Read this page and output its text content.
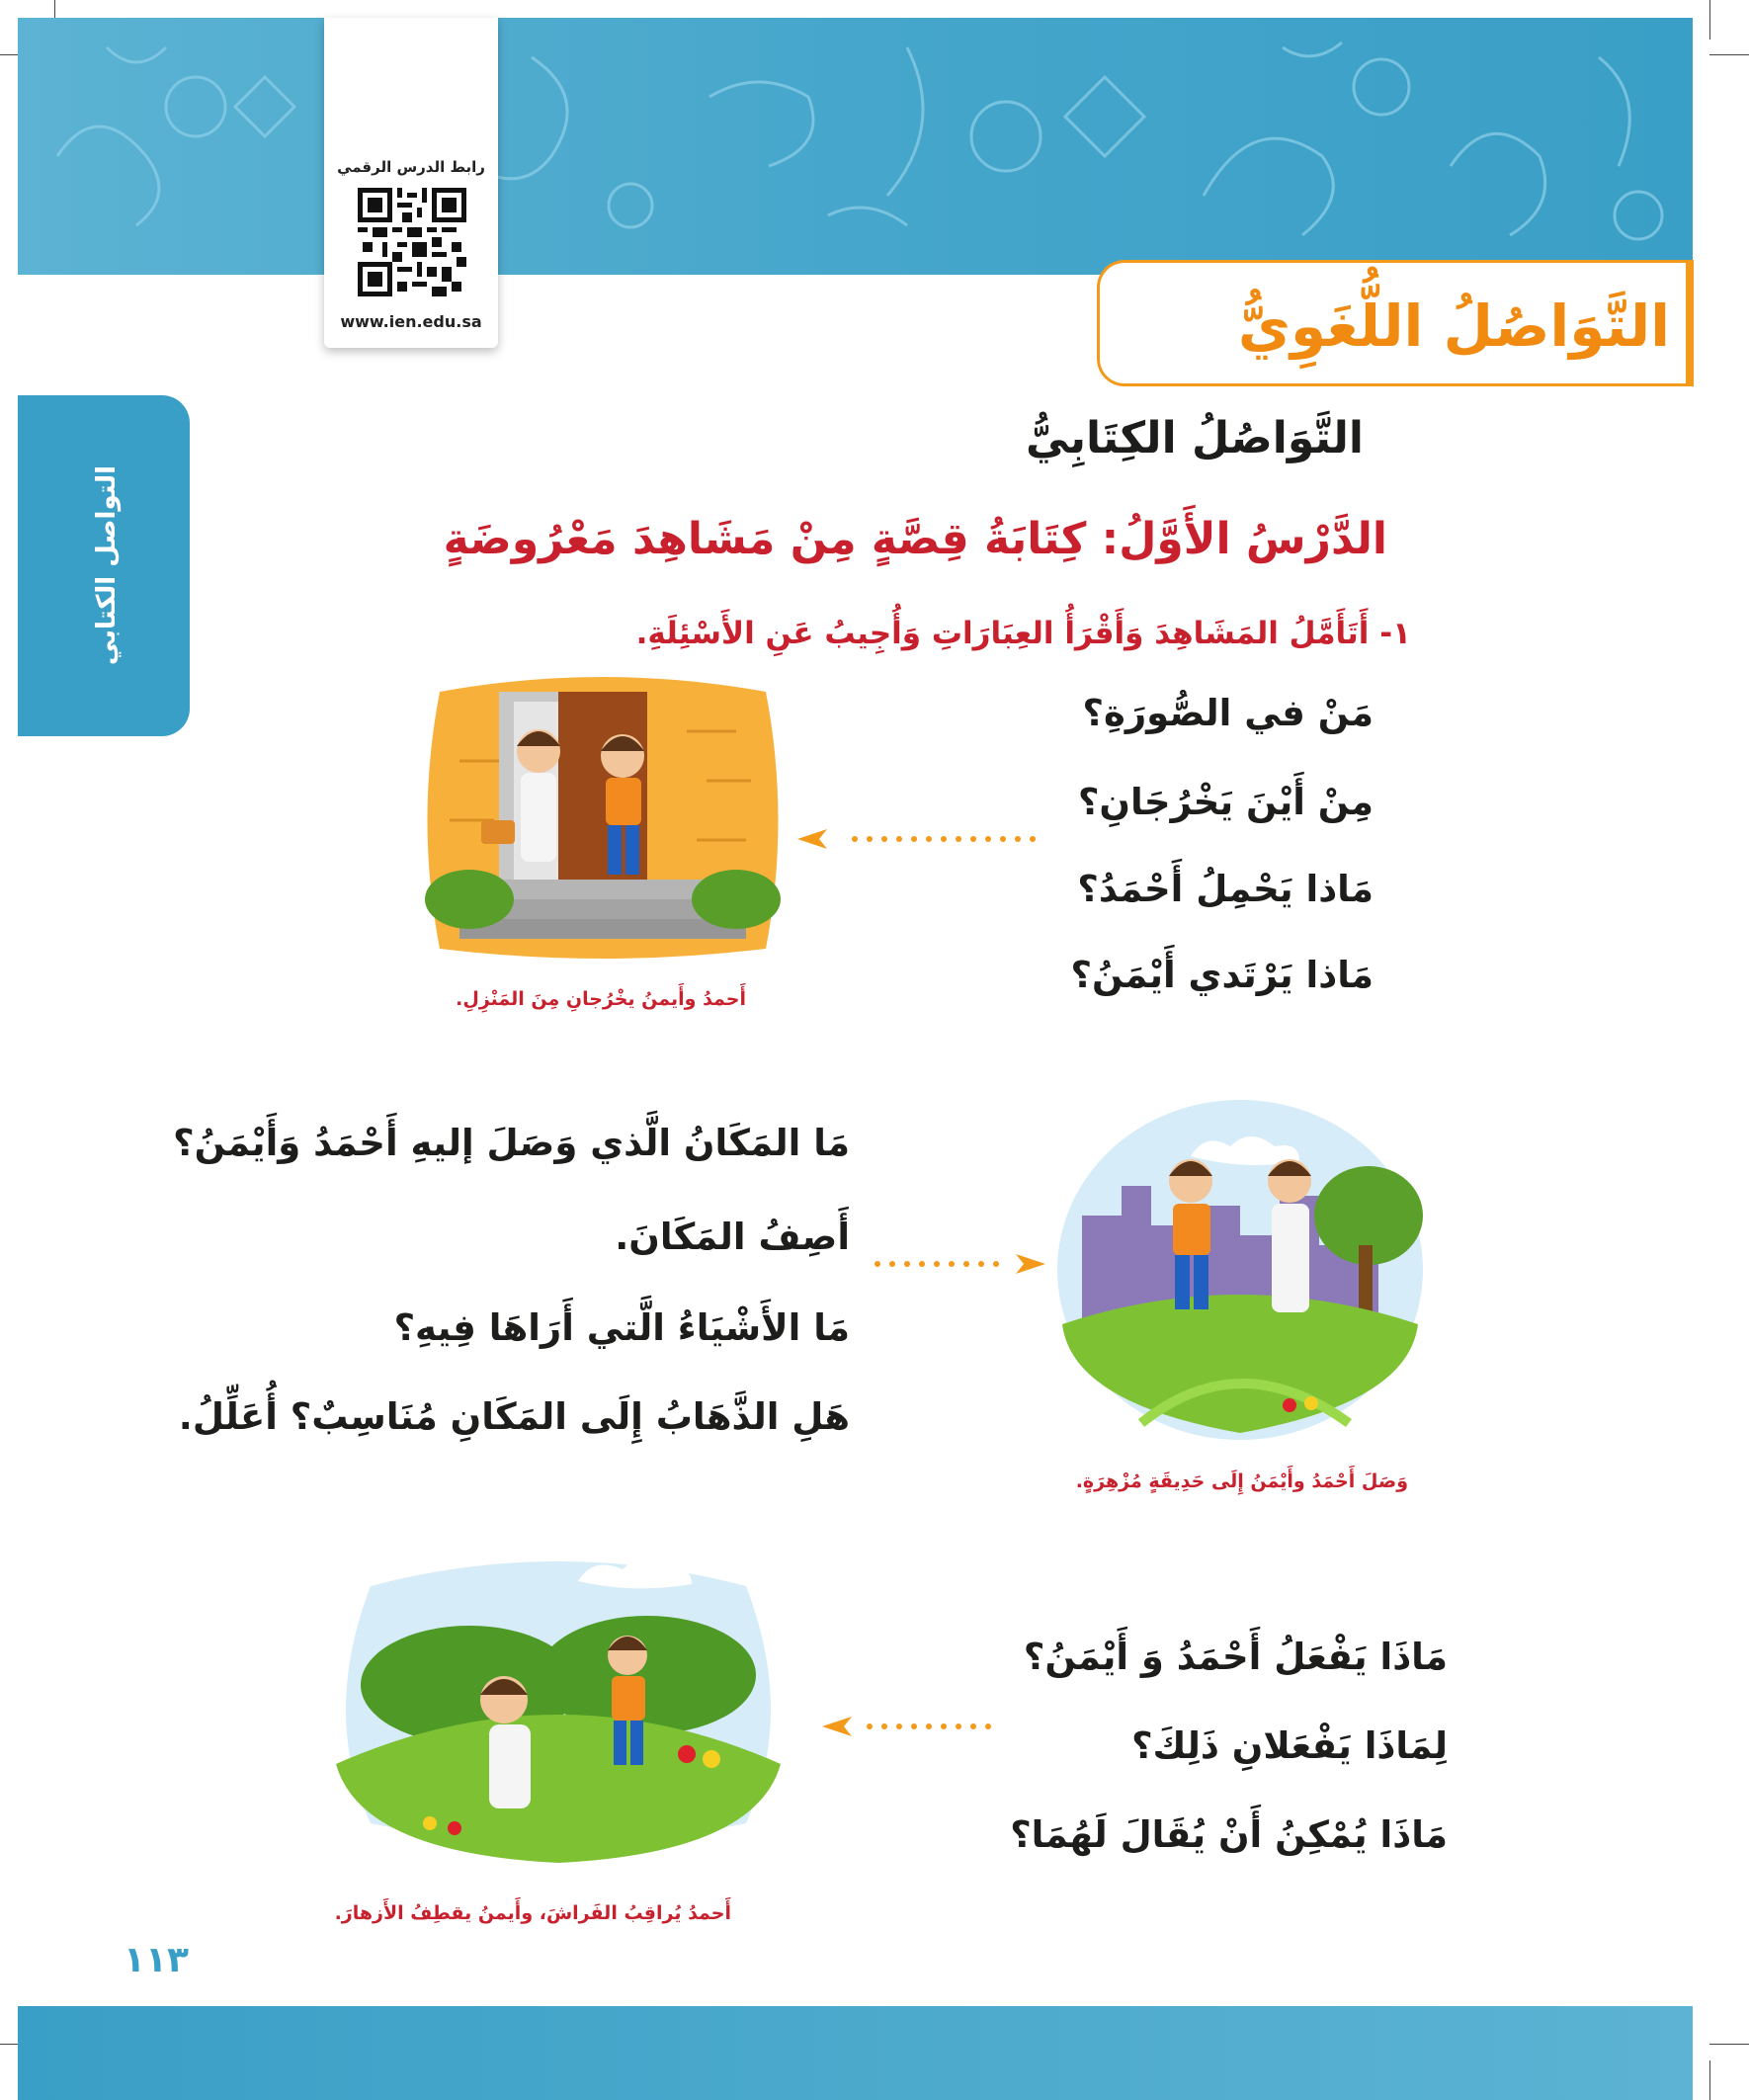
رابط الدرس الرقمي
www.ien.edu.sa	التَّوَاصُلُ اللُّغَوِيُّ
التواصل الكتابي
التَّوَاصُلُ الكِتَابِيُّ
الدَّرْسُ الأَوَّلُ: كِتَابَةُ قِصَّةٍ مِنْ مَشَاهِدَ مَعْرُوضَةٍ
١- أَتَأَمَّلُ المَشَاهِدَ وَأَقْرَأُ العِبَارَاتِ وَأُجِيبُ عَنِ الأَسْئِلَةِ.
أَحمدُ وأَيمنُ يخْرُجانِ مِنَ المَنْزِلِ.
مَنْ في الصُّورَةِ؟
مِنْ أَيْنَ يَخْرُجَانِ؟
مَاذا يَحْمِلُ أَحْمَدُ؟
مَاذا يَرْتَدي أَيْمَنُ؟
وَصَلَ أَحْمَدُ وأَيْمَنُ إِلَى حَدِيقَةٍ مُزْهِرَةٍ.
مَا المَكَانُ الَّذي وَصَلَ إليهِ أَحْمَدُ وَأَيْمَنُ؟
أَصِفُ المَكَانَ.
مَا الأَشْيَاءُ الَّتي أَرَاهَا فِيهِ؟
هَلِ الذَّهَابُ إِلَى المَكَانِ مُنَاسِبٌ؟ أُعَلِّلُ.
أَحمدُ يُراقِبُ الفَراشَ، وأَيمنُ يقطِفُ الأَزهارَ.
مَاذَا يَفْعَلُ أَحْمَدُ وَ أَيْمَنُ؟
لِمَاذَا يَفْعَلانِ ذَلِكَ؟
مَاذَا يُمْكِنُ أَنْ يُقَالَ لَهُمَا؟
١١٣
